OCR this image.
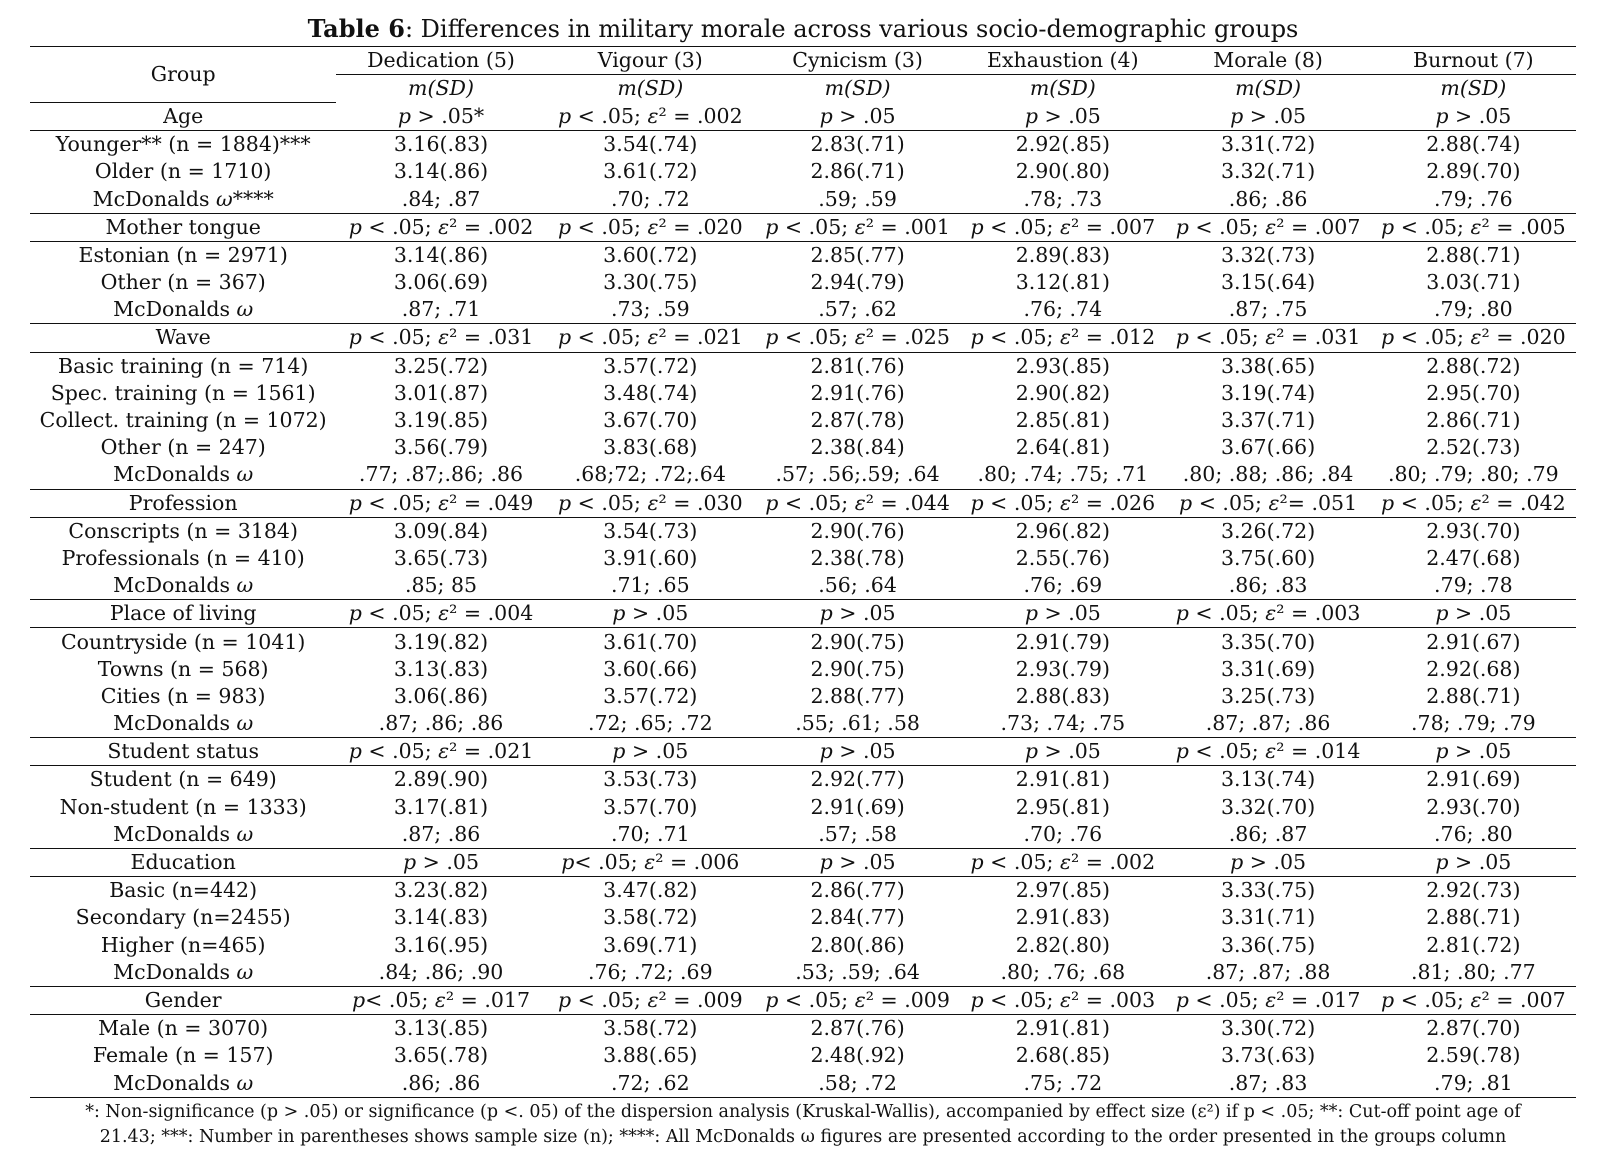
Table 6: Differences in military morale across various socio-demographic groups
Group	Dedication (5)	Vigour (3)	Cynicism (3)	Exhaustion (4)	Morale (8)	Burnout (7)
	m(SD)	m(SD)	m(SD)	m(SD)	m(SD)	m(SD)
Age	p > .05*	p < .05; ε² = .002	p > .05	p > .05	p > .05	p > .05
Younger** (n = 1884)***	3.16(.83)	3.54(.74)	2.83(.71)	2.92(.85)	3.31(.72)	2.88(.74)
Older (n = 1710)	3.14(.86)	3.61(.72)	2.86(.71)	2.90(.80)	3.32(.71)	2.89(.70)
McDonalds ω****	.84; .87	.70; .72	.59; .59	.78; .73	.86; .86	.79; .76
Mother tongue	p < .05; ε² = .002	p < .05; ε² = .020	p < .05; ε² = .001	p < .05; ε² = .007	p < .05; ε² = .007	p < .05; ε² = .005
Estonian (n = 2971)	3.14(.86)	3.60(.72)	2.85(.77)	2.89(.83)	3.32(.73)	2.88(.71)
Other (n = 367)	3.06(.69)	3.30(.75)	2.94(.79)	3.12(.81)	3.15(.64)	3.03(.71)
McDonalds ω	.87; .71	.73; .59	.57; .62	.76; .74	.87; .75	.79; .80
Wave	p < .05; ε² = .031	p < .05; ε² = .021	p < .05; ε² = .025	p < .05; ε² = .012	p < .05; ε² = .031	p < .05; ε² = .020
Basic training (n = 714)	3.25(.72)	3.57(.72)	2.81(.76)	2.93(.85)	3.38(.65)	2.88(.72)
Spec. training (n = 1561)	3.01(.87)	3.48(.74)	2.91(.76)	2.90(.82)	3.19(.74)	2.95(.70)
Collect. training (n = 1072)	3.19(.85)	3.67(.70)	2.87(.78)	2.85(.81)	3.37(.71)	2.86(.71)
Other (n = 247)	3.56(.79)	3.83(.68)	2.38(.84)	2.64(.81)	3.67(.66)	2.52(.73)
McDonalds ω	.77; .87;.86; .86	.68;72; .72;.64	.57; .56;.59; .64	.80; .74; .75; .71	.80; .88; .86; .84	.80; .79; .80; .79
Profession	p < .05; ε² = .049	p < .05; ε² = .030	p < .05; ε² = .044	p < .05; ε² = .026	p < .05; ε²= .051	p < .05; ε² = .042
Conscripts (n = 3184)	3.09(.84)	3.54(.73)	2.90(.76)	2.96(.82)	3.26(.72)	2.93(.70)
Professionals (n = 410)	3.65(.73)	3.91(.60)	2.38(.78)	2.55(.76)	3.75(.60)	2.47(.68)
McDonalds ω	.85; 85	.71; .65	.56; .64	.76; .69	.86; .83	.79; .78
Place of living	p < .05; ε² = .004	p > .05	p > .05	p > .05	p < .05; ε² = .003	p > .05
Countryside (n = 1041)	3.19(.82)	3.61(.70)	2.90(.75)	2.91(.79)	3.35(.70)	2.91(.67)
Towns (n = 568)	3.13(.83)	3.60(.66)	2.90(.75)	2.93(.79)	3.31(.69)	2.92(.68)
Cities (n = 983)	3.06(.86)	3.57(.72)	2.88(.77)	2.88(.83)	3.25(.73)	2.88(.71)
McDonalds ω	.87; .86; .86	.72; .65; .72	.55; .61; .58	.73; .74; .75	.87; .87; .86	.78; .79; .79
Student status	p < .05; ε² = .021	p > .05	p > .05	p > .05	p < .05; ε² = .014	p > .05
Student (n = 649)	2.89(.90)	3.53(.73)	2.92(.77)	2.91(.81)	3.13(.74)	2.91(.69)
Non-student (n = 1333)	3.17(.81)	3.57(.70)	2.91(.69)	2.95(.81)	3.32(.70)	2.93(.70)
McDonalds ω	.87; .86	.70; .71	.57; .58	.70; .76	.86; .87	.76; .80
Education	p > .05	p< .05; ε² = .006	p > .05	p < .05; ε² = .002	p > .05	p > .05
Basic (n=442)	3.23(.82)	3.47(.82)	2.86(.77)	2.97(.85)	3.33(.75)	2.92(.73)
Secondary (n=2455)	3.14(.83)	3.58(.72)	2.84(.77)	2.91(.83)	3.31(.71)	2.88(.71)
Higher (n=465)	3.16(.95)	3.69(.71)	2.80(.86)	2.82(.80)	3.36(.75)	2.81(.72)
McDonalds ω	.84; .86; .90	.76; .72; .69	.53; .59; .64	.80; .76; .68	.87; .87; .88	.81; .80; .77
Gender	p< .05; ε² = .017	p < .05; ε² = .009	p < .05; ε² = .009	p < .05; ε² = .003	p < .05; ε² = .017	p < .05; ε² = .007
Male (n = 3070)	3.13(.85)	3.58(.72)	2.87(.76)	2.91(.81)	3.30(.72)	2.87(.70)
Female (n = 157)	3.65(.78)	3.88(.65)	2.48(.92)	2.68(.85)	3.73(.63)	2.59(.78)
McDonalds ω	.86; .86	.72; .62	.58; .72	.75; .72	.87; .83	.79; .81
*: Non-significance (p > .05) or significance (p <. 05) of the dispersion analysis (Kruskal-Wallis), accompanied by effect size (ε²) if p < .05; **: Cut-off point age of
21.43; ***: Number in parentheses shows sample size (n); ****: All McDonalds ω figures are presented according to the order presented in the groups column
